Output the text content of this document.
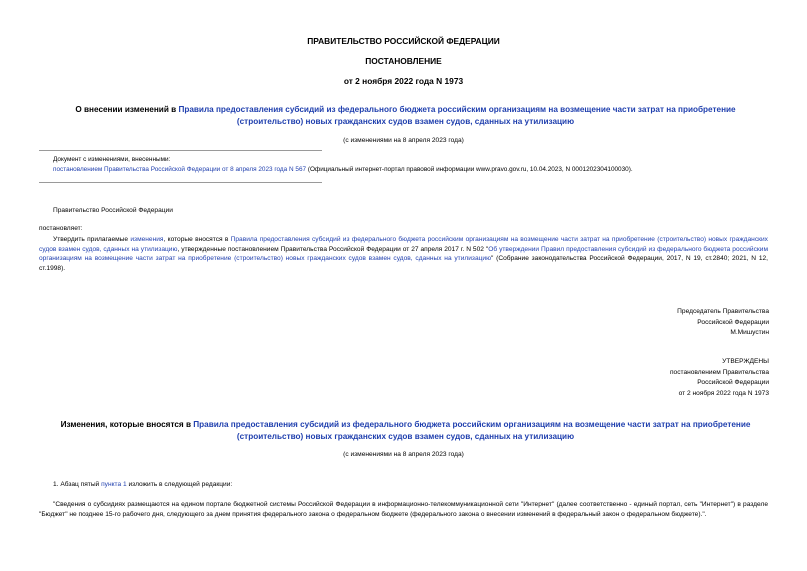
ПРАВИТЕЛЬСТВО РОССИЙСКОЙ ФЕДЕРАЦИИ
ПОСТАНОВЛЕНИЕ
от 2 ноября 2022 года N 1973
О внесении изменений в Правила предоставления субсидий из федерального бюджета российским организациям на возмещение части затрат на приобретение (строительство) новых гражданских судов взамен судов, сданных на утилизацию
(с изменениями на 8 апреля 2023 года)
Документ с изменениями, внесенными:
постановлением Правительства Российской Федерации от 8 апреля 2023 года N 567 (Официальный интернет-портал правовой информации www.pravo.gov.ru, 10.04.2023, N 0001202304100030).
Правительство Российской Федерации
постановляет:
Утвердить прилагаемые изменения, которые вносятся в Правила предоставления субсидий из федерального бюджета российским организациям на возмещение части затрат на приобретение (строительство) новых гражданских судов взамен судов, сданных на утилизацию, утвержденные постановлением Правительства Российской Федерации от 27 апреля 2017 г. N 502 "Об утверждении Правил предоставления субсидий из федерального бюджета российским организациям на возмещение части затрат на приобретение (строительство) новых гражданских судов взамен судов, сданных на утилизацию" (Собрание законодательства Российской Федерации, 2017, N 19, ст.2840; 2021, N 12, ст.1998).
Председатель Правительства
Российской Федерации
М.Мишустин
УТВЕРЖДЕНЫ
постановлением Правительства
Российской Федерации
от 2 ноября 2022 года N 1973
Изменения, которые вносятся в Правила предоставления субсидий из федерального бюджета российским организациям на возмещение части затрат на приобретение (строительство) новых гражданских судов взамен судов, сданных на утилизацию
(с изменениями на 8 апреля 2023 года)
1. Абзац пятый пункта 1 изложить в следующей редакции:
"Сведения о субсидиях размещаются на едином портале бюджетной системы Российской Федерации в информационно-телекоммуникационной сети "Интернет" (далее соответственно - единый портал, сеть "Интернет") в разделе "Бюджет" не позднее 15-го рабочего дня, следующего за днем принятия федерального закона о федеральном бюджете (федерального закона о внесении изменений в федеральный закон о федеральном бюджете).".
